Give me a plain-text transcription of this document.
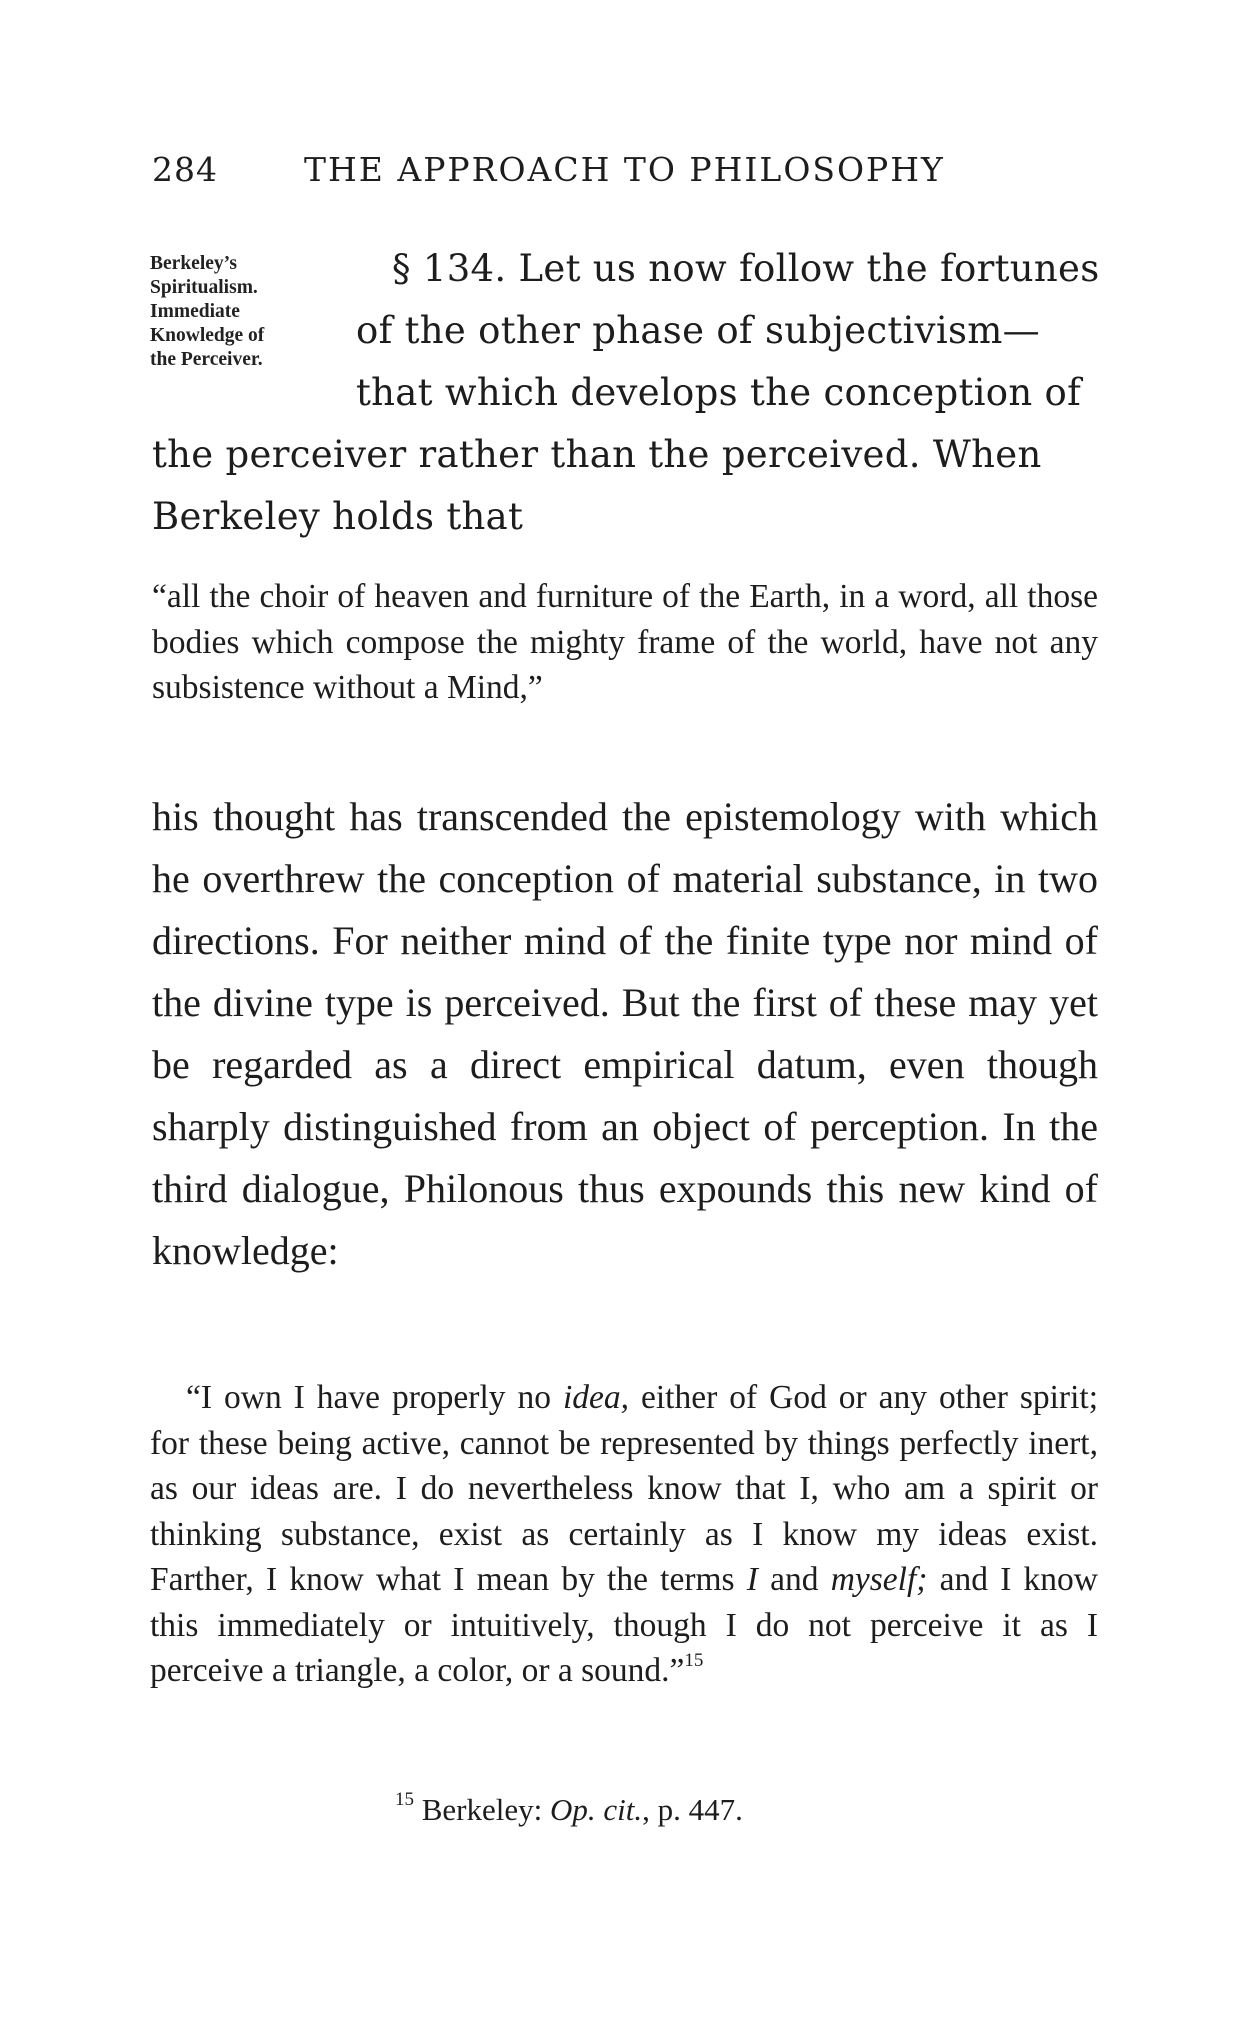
284	THE APPROACH TO PHILOSOPHY
Berkeley’s
Spiritualism.
Immediate
Knowledge of
the Perceiver.
§ 134. Let us now follow the fortunes
of the other phase of subjectivism—
that which develops the conception of
the perceiver rather than the perceived. When
Berkeley holds that
“all the choir of heaven and furniture of the Earth, in a word, all those bodies which compose the mighty frame of the world, have not any subsistence without a Mind,”
his thought has transcended the epistemology with which he overthrew the conception of material substance, in two directions. For neither mind of the finite type nor mind of the divine type is perceived. But the first of these may yet be regarded as a direct empirical datum, even though sharply distinguished from an object of perception. In the third dialogue, Philonous thus expounds this new kind of knowledge:
“I own I have properly no idea, either of God or any other spirit; for these being active, cannot be represented by things perfectly inert, as our ideas are. I do nevertheless know that I, who am a spirit or thinking substance, exist as certainly as I know my ideas exist. Farther, I know what I mean by the terms I and myself; and I know this immediately or intuitively, though I do not perceive it as I perceive a triangle, a color, or a sound.”$^{15}$
$^{15}$ Berkeley: Op. cit., p. 447.
